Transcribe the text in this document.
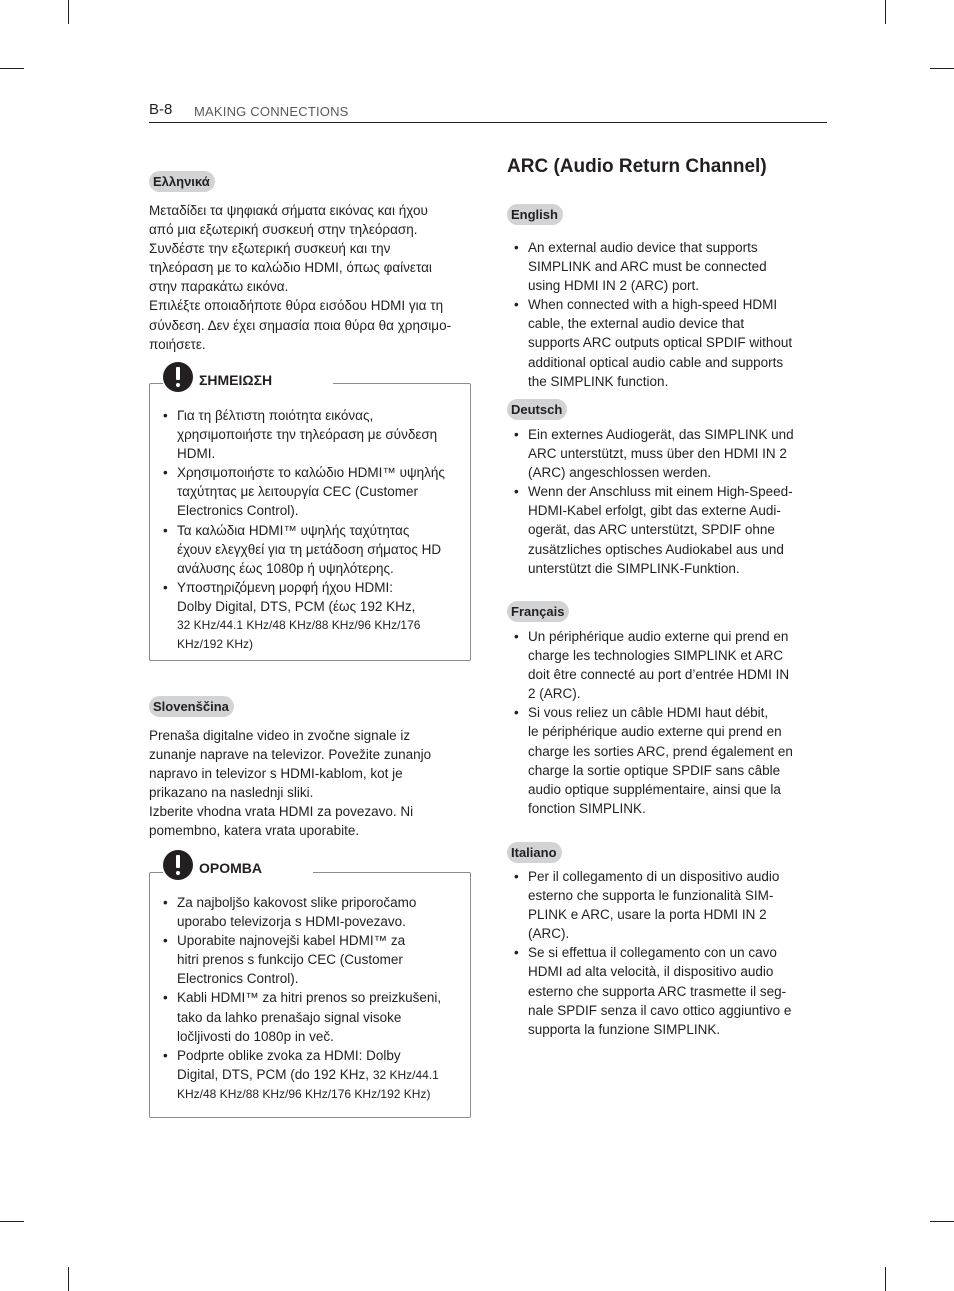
B-8 MAKING CONNECTIONS
Ελληνικά
Μεταδίδει τα ψηφιακά σήματα εικόνας και ήχου
από μια εξωτερική συσκευή στην τηλεόραση.
Συνδέστε την εξωτερική συσκευή και την
τηλεόραση με το καλώδιο HDMI, όπως φαίνεται
στην παρακάτω εικόνα.
Επιλέξτε οποιαδήποτε θύρα εισόδου HDMI για τη
σύνδεση. Δεν έχει σημασία ποια θύρα θα χρησιμο-
ποιήσετε.
• Για τη βέλτιστη ποιότητα εικόνας,
χρησιμοποιήστε την τηλεόραση με σύνδεση
HDMI.
• Χρησιμοποιήστε το καλώδιο HDMI™ υψηλής
ταχύτητας με λειτουργία CEC (Customer
Electronics Control).
• Τα καλώδια HDMI™ υψηλής ταχύτητας
έχουν ελεγχθεί για τη μετάδοση σήματος HD
ανάλυσης έως 1080p ή υψηλότερης.
• Υποστηριζόμενη μορφή ήχου HDMI:
Dolby Digital, DTS, PCM (έως 192 KHz,
32 KHz/44.1 KHz/48 KHz/88 KHz/96 KHz/176
KHz/192 KHz)
ΣΗΜΕΙΩΣΗ
Slovenščina
Prenaša digitalne video in zvočne signale iz
zunanje naprave na televizor. Povežite zunanjo
napravo in televizor s HDMI-kablom, kot je
prikazano na naslednji sliki.
Izberite vhodna vrata HDMI za povezavo. Ni
pomembno, katera vrata uporabite.
• Za najboljšo kakovost slike priporočamo
uporabo televizorja s HDMI-povezavo.
• Uporabite najnovejši kabel HDMI™ za
hitri prenos s funkcijo CEC (Customer
Electronics Control).
• Kabli HDMI™ za hitri prenos so preizkušeni,
tako da lahko prenašajo signal visoke
ločljivosti do 1080p in več.
• Podprte oblike zvoka za HDMI: Dolby
Digital, DTS, PCM (do 192 KHz, 32 KHz/44.1
KHz/48 KHz/88 KHz/96 KHz/176 KHz/192 KHz)
OPOMBA
ARC (Audio Return Channel)
English
• An external audio device that supports
SIMPLINK and ARC must be connected
using HDMI IN 2 (ARC) port.
• When connected with a high-speed HDMI
cable, the external audio device that
supports ARC outputs optical SPDIF without
additional optical audio cable and supports
the SIMPLINK function.
Deutsch
• Ein externes Audiogerät, das SIMPLINK und
ARC unterstützt, muss über den HDMI IN 2
(ARC) angeschlossen werden.
• Wenn der Anschluss mit einem High-Speed-
HDMI-Kabel erfolgt, gibt das externe Audi-
ogerät, das ARC unterstützt, SPDIF ohne
zusätzliches optisches Audiokabel aus und
unterstützt die SIMPLINK-Funktion.
Français
• Un périphérique audio externe qui prend en
charge les technologies SIMPLINK et ARC
doit être connecté au port d’entrée HDMI IN
2 (ARC).
• Si vous reliez un câble HDMI haut débit,
le périphérique audio externe qui prend en
charge les sorties ARC, prend également en
charge la sortie optique SPDIF sans câble
audio optique supplémentaire, ainsi que la
fonction SIMPLINK.
Italiano
• Per il collegamento di un dispositivo audio
esterno che supporta le funzionalità SIM-
PLINK e ARC, usare la porta HDMI IN 2
(ARC).
• Se si effettua il collegamento con un cavo
HDMI ad alta velocità, il dispositivo audio
esterno che supporta ARC trasmette il seg-
nale SPDIF senza il cavo ottico aggiuntivo e
supporta la funzione SIMPLINK.
